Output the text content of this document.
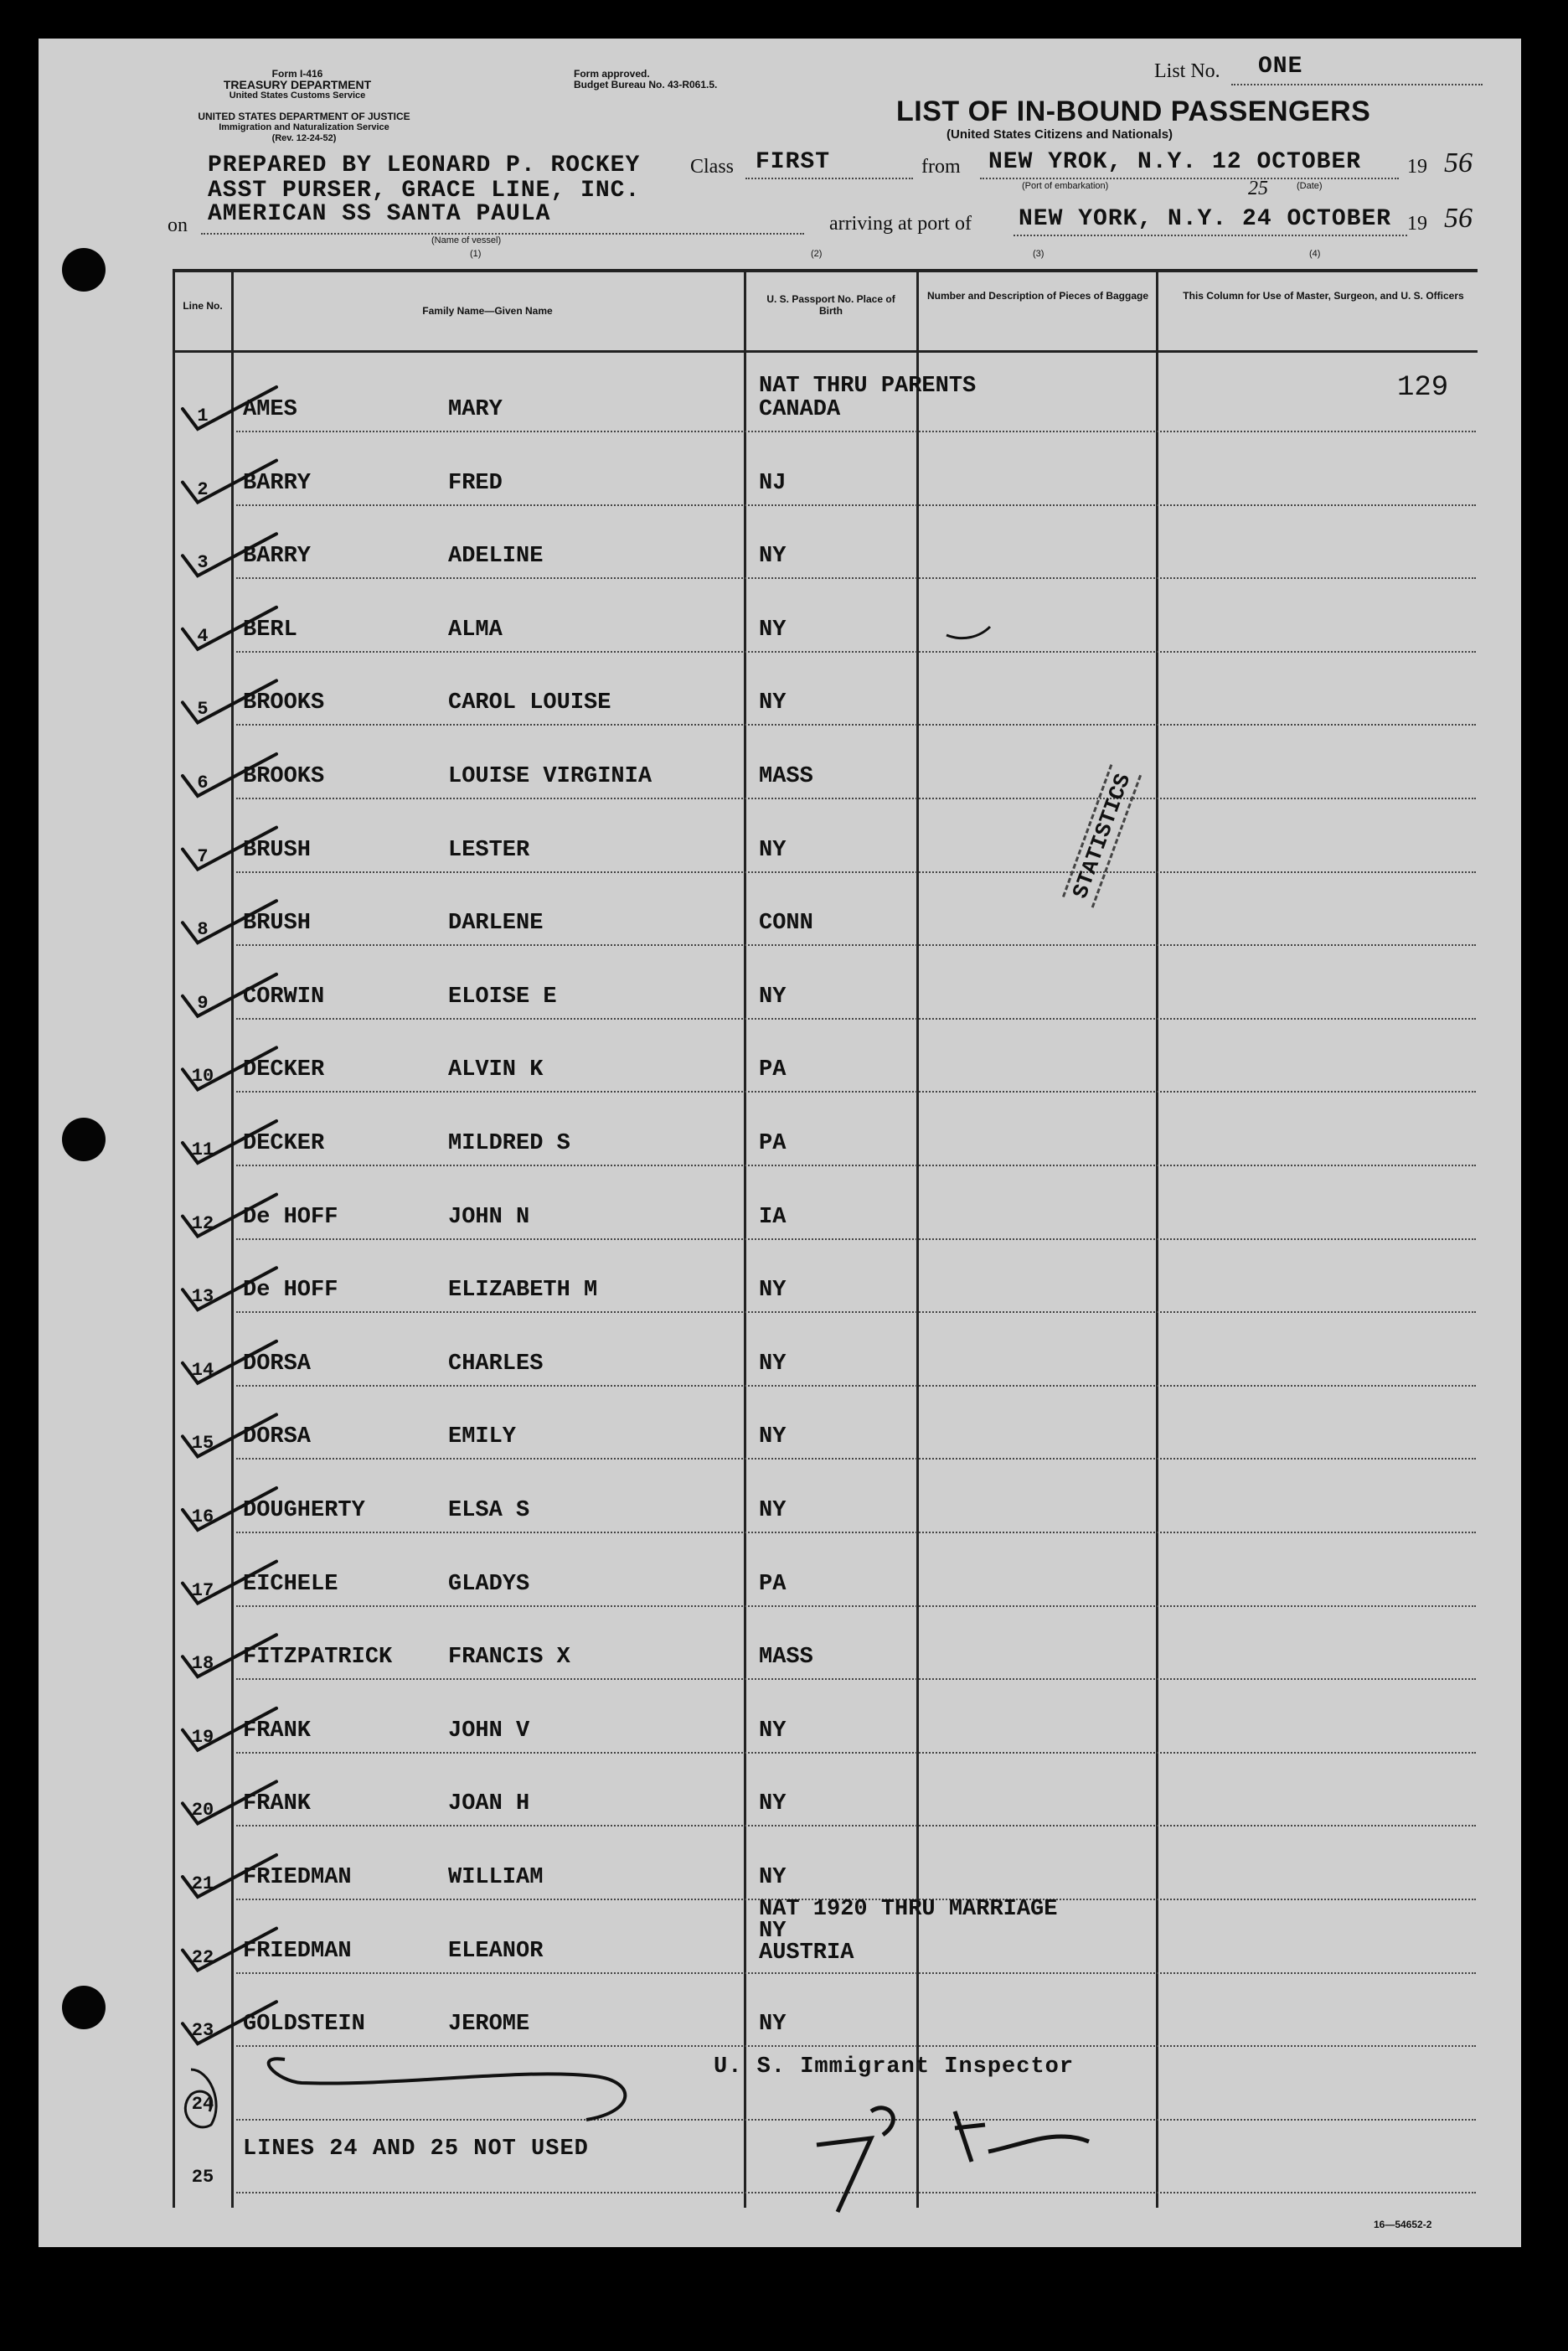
Form I-416
TREASURY DEPARTMENT
United States Customs Service
UNITED STATES DEPARTMENT OF JUSTICE
Immigration and Naturalization Service
(Rev. 12-24-52)
Form approved.
Budget Bureau No. 43-R061.5.
List No. ONE
LIST OF IN-BOUND PASSENGERS
(United States Citizens and Nationals)
PREPARED BY LEONARD P. ROCKEY Class FIRST	from NEW YROK, N.Y. 12 OCTOBER 19 56
(Port of embarkation)	(Date)
25
ASST PURSER, GRACE LINE, INC.
on AMERICAN SS SANTA PAULA
(Name of vessel)
arriving at port of NEW YORK, N.Y. 24 OCTOBER 19 56
(1)	(2)	(3)	(4)
Line No.	Family Name—Given Name
U. S. Passport No. Place of Birth
Number and Description of Pieces of Baggage	This Column for Use of Master, Surgeon, and U. S. Officers
129
1	AMES	MARY
NAT THRU PARENTS
CANADA
2	BARRY	FRED	NJ
3	BARRY	ADELINE	NY
4	BERL	ALMA	NY
5	BROOKS	CAROL LOUISE	NY
6	BROOKS	LOUISE VIRGINIA	MASS
7	BRUSH	LESTER	NY
8	BRUSH	DARLENE	CONN
9	CORWIN	ELOISE E	NY
10 DECKER	ALVIN K	PA
11 DECKER	MILDRED S	PA
12 De HOFF	JOHN N	IA
13 De HOFF	ELIZABETH M	NY
14 DORSA	CHARLES	NY
15 DORSA	EMILY	NY
16 DOUGHERTY	ELSA S	NY
17 EICHELE	GLADYS	PA
18 FITZPATRICK FRANCIS X	MASS
19 FRANK	JOHN V	NY
20 FRANK	JOAN H	NY
21 FRIEDMAN	WILLIAM	NY
22 FRIEDMAN	ELEANOR
NAT 1920 THRU MARRIAGE
NY
AUSTRIA
23 GOLDSTEIN	JEROME	NY
24
25
STATISTICS
U. S. Immigrant Inspector
LINES 24 AND 25 NOT USED
16—54652-2
